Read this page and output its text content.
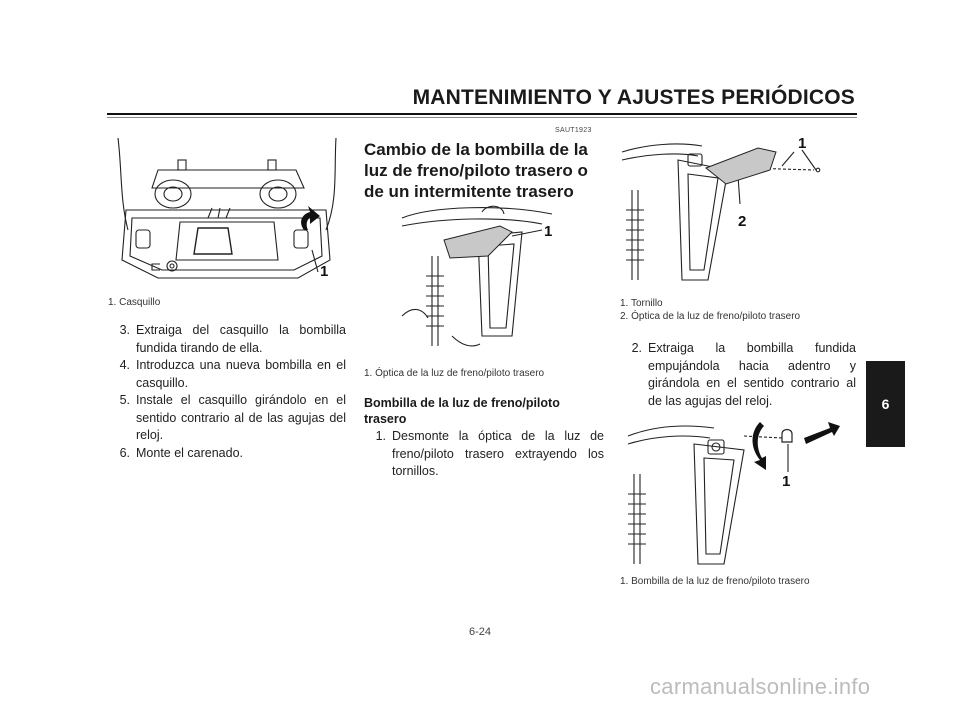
MANTENIMIENTO Y AJUSTES PERIÓDICOS
6
1
1. Casquillo
3. Extraiga del casquillo la bombilla fundida tirando de ella.
4. Introduzca una nueva bombilla en el casquillo.
5. Instale el casquillo girándolo en el sentido contrario al de las agujas del reloj.
6. Monte el carenado.
SAUT1923
Cambio de la bombilla de la luz de freno/piloto trasero o de un intermitente trasero
1
1. Óptica de la luz de freno/piloto trasero
Bombilla de la luz de freno/piloto trasero
1. Desmonte la óptica de la luz de freno/piloto trasero extrayendo los tornillos.
1
2
1. Tornillo
2. Óptica de la luz de freno/piloto trasero
2. Extraiga la bombilla fundida empujándola hacia adentro y girándola en el sentido contrario al de las agujas del reloj.
1
1. Bombilla de la luz de freno/piloto trasero
6-24
carmanualsonline.info
